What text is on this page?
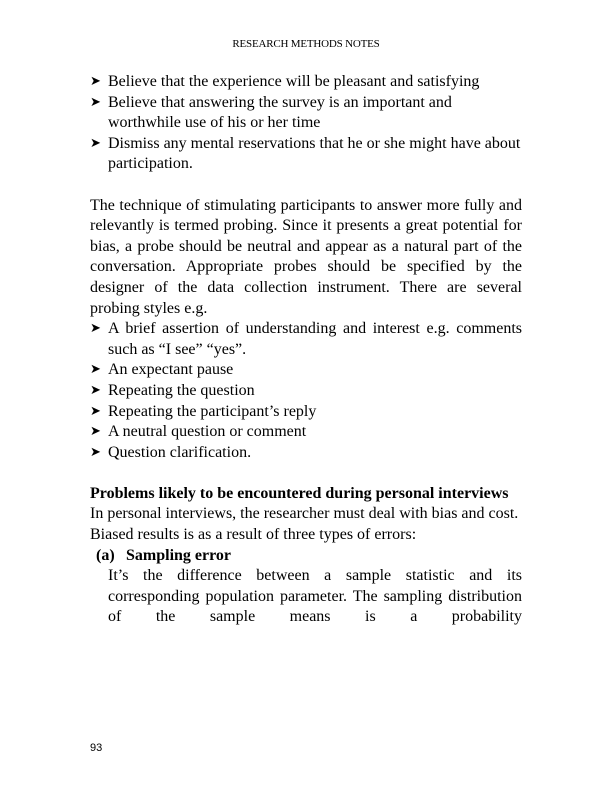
RESEARCH METHODS NOTES
➤ Believe that the experience will be pleasant and satisfying
➤ Believe that answering the survey is an important and worthwhile use of his or her time
➤ Dismiss any mental reservations that he or she might have about participation.

The technique of stimulating participants to answer more fully and relevantly is termed probing. Since it presents a great potential for bias, a probe should be neutral and appear as a natural part of the conversation. Appropriate probes should be specified by the designer of the data collection instrument. There are several probing styles e.g.

➤ A brief assertion of understanding and interest e.g. comments such as “I see” “yes”.
➤ An expectant pause
➤ Repeating the question
➤ Repeating the participant’s reply
➤ A neutral question or comment
➤ Question clarification.

Problems likely to be encountered during personal interviews

In personal interviews, the researcher must deal with bias and cost.

Biased results is as a result of three types of errors:

(a) Sampling error

It’s the difference between a sample statistic and its corresponding population parameter. The sampling distribution of the sample means is a probability

93
